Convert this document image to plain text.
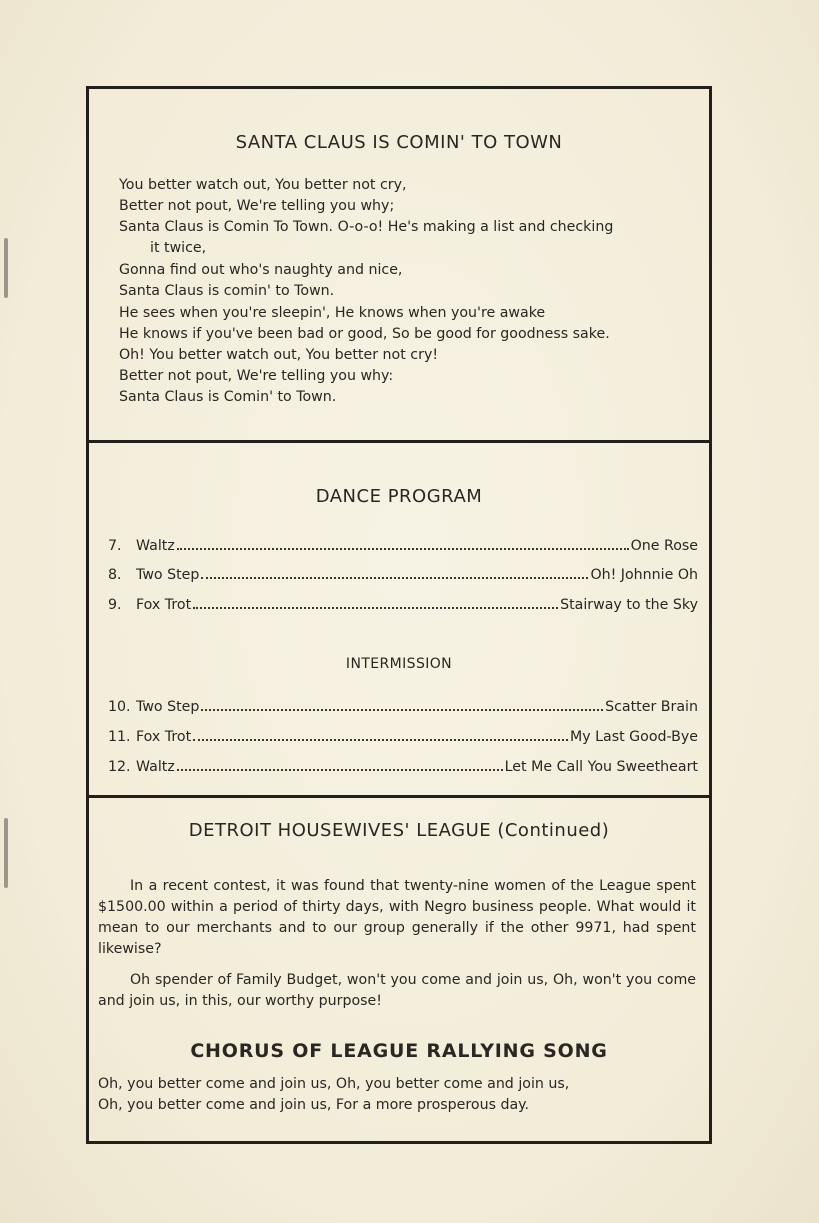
SANTA CLAUS IS COMIN' TO TOWN
You better watch out, You better not cry,
Better not pout, We're telling you why;
Santa Claus is Comin To Town. O-o-o! He's making a list and checking
it twice,
Gonna find out who's naughty and nice,
Santa Claus is comin' to Town.
He sees when you're sleepin', He knows when you're awake
He knows if you've been bad or good, So be good for goodness sake.
Oh! You better watch out, You better not cry!
Better not pout, We're telling you why:
Santa Claus is Comin' to Town.
DANCE PROGRAM
7.	Waltz	One Rose
8.	Two Step	Oh! Johnnie Oh
9.	Fox Trot	Stairway to the Sky
INTERMISSION
10. Two Step	Scatter Brain
11. Fox Trot	My Last Good-Bye
12. Waltz	Let Me Call You Sweetheart
DETROIT HOUSEWIVES' LEAGUE (Continued)

In a recent contest, it was found that twenty-nine women of the League spent $1500.00 within a period of thirty days, with Negro business people. What would it mean to our merchants and to our group generally if the other 9971, had spent likewise?

Oh spender of Family Budget, won't you come and join us, Oh, won't you come and join us, in this, our worthy purpose!

CHORUS OF LEAGUE RALLYING SONG
Oh, you better come and join us, Oh, you better come and join us,
Oh, you better come and join us, For a more prosperous day.
